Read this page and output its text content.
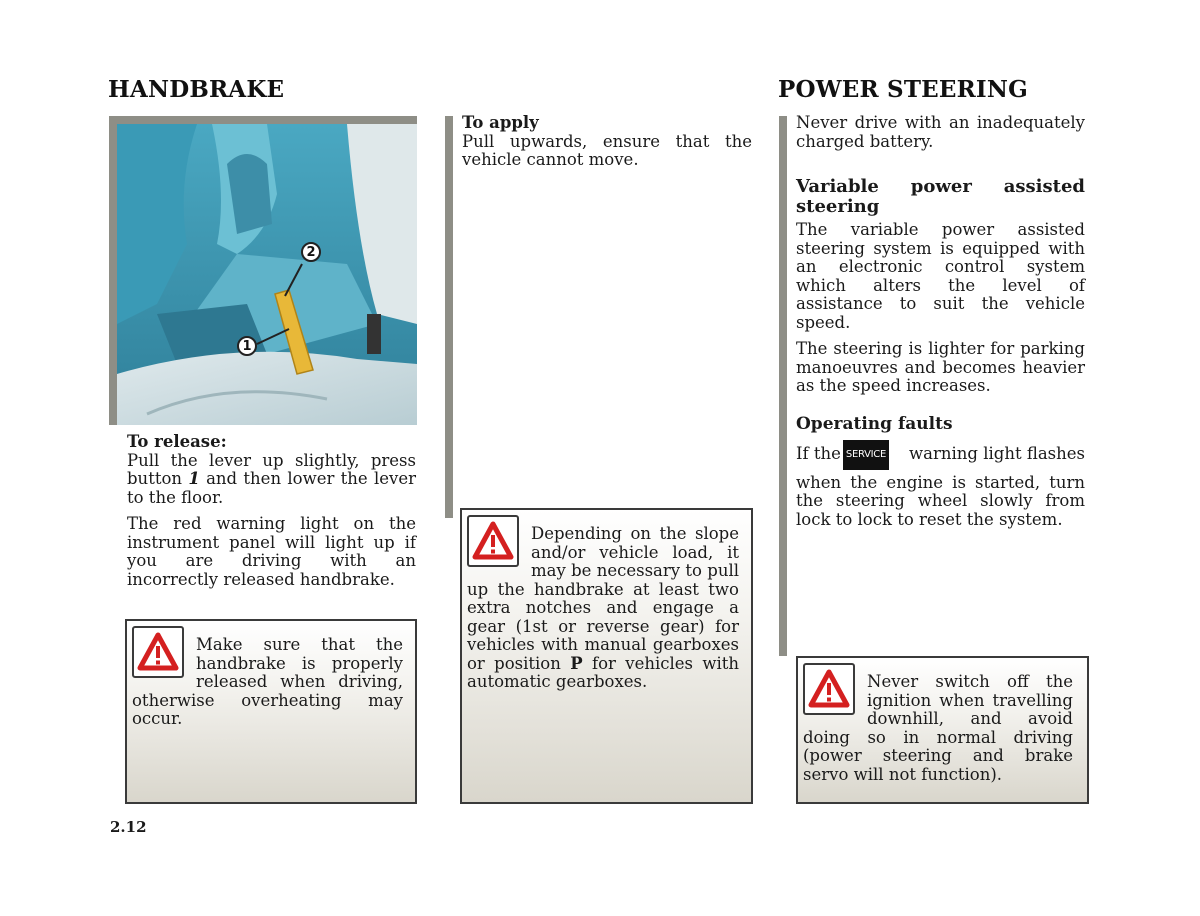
HANDBRAKE	POWER STEERING
2
1
To release:

Pull the lever up slightly, press button 1 and then lower the lever to the floor.

The red warning light on the instrument panel will light up if you are driving with an incorrectly released handbrake.

Make sure that the handbrake is properly released when driving, otherwise overheating may occur.
To apply

Pull upwards, ensure that the vehicle cannot move.

Depending on the slope and/or vehicle load, it may be necessary to pull up the handbrake at least two extra notches and engage a gear (1st or reverse gear) for vehicles with manual gearboxes or position P for vehicles with automatic gearboxes.

Never drive with an inadequately charged battery.

Variable power assisted steering

The variable power assisted steering system is equipped with an electronic control system which alters the level of assistance to suit the vehicle speed.

The steering is lighter for parking manoeuvres and becomes heavier as the speed increases.

Operating faults
If the SERVICE	warning light flashes

when the engine is started, turn the steering wheel slowly from lock to lock to reset the system.

Never switch off the ignition when travelling downhill, and avoid doing so in normal driving (power steering and brake servo will not function).
2.12
